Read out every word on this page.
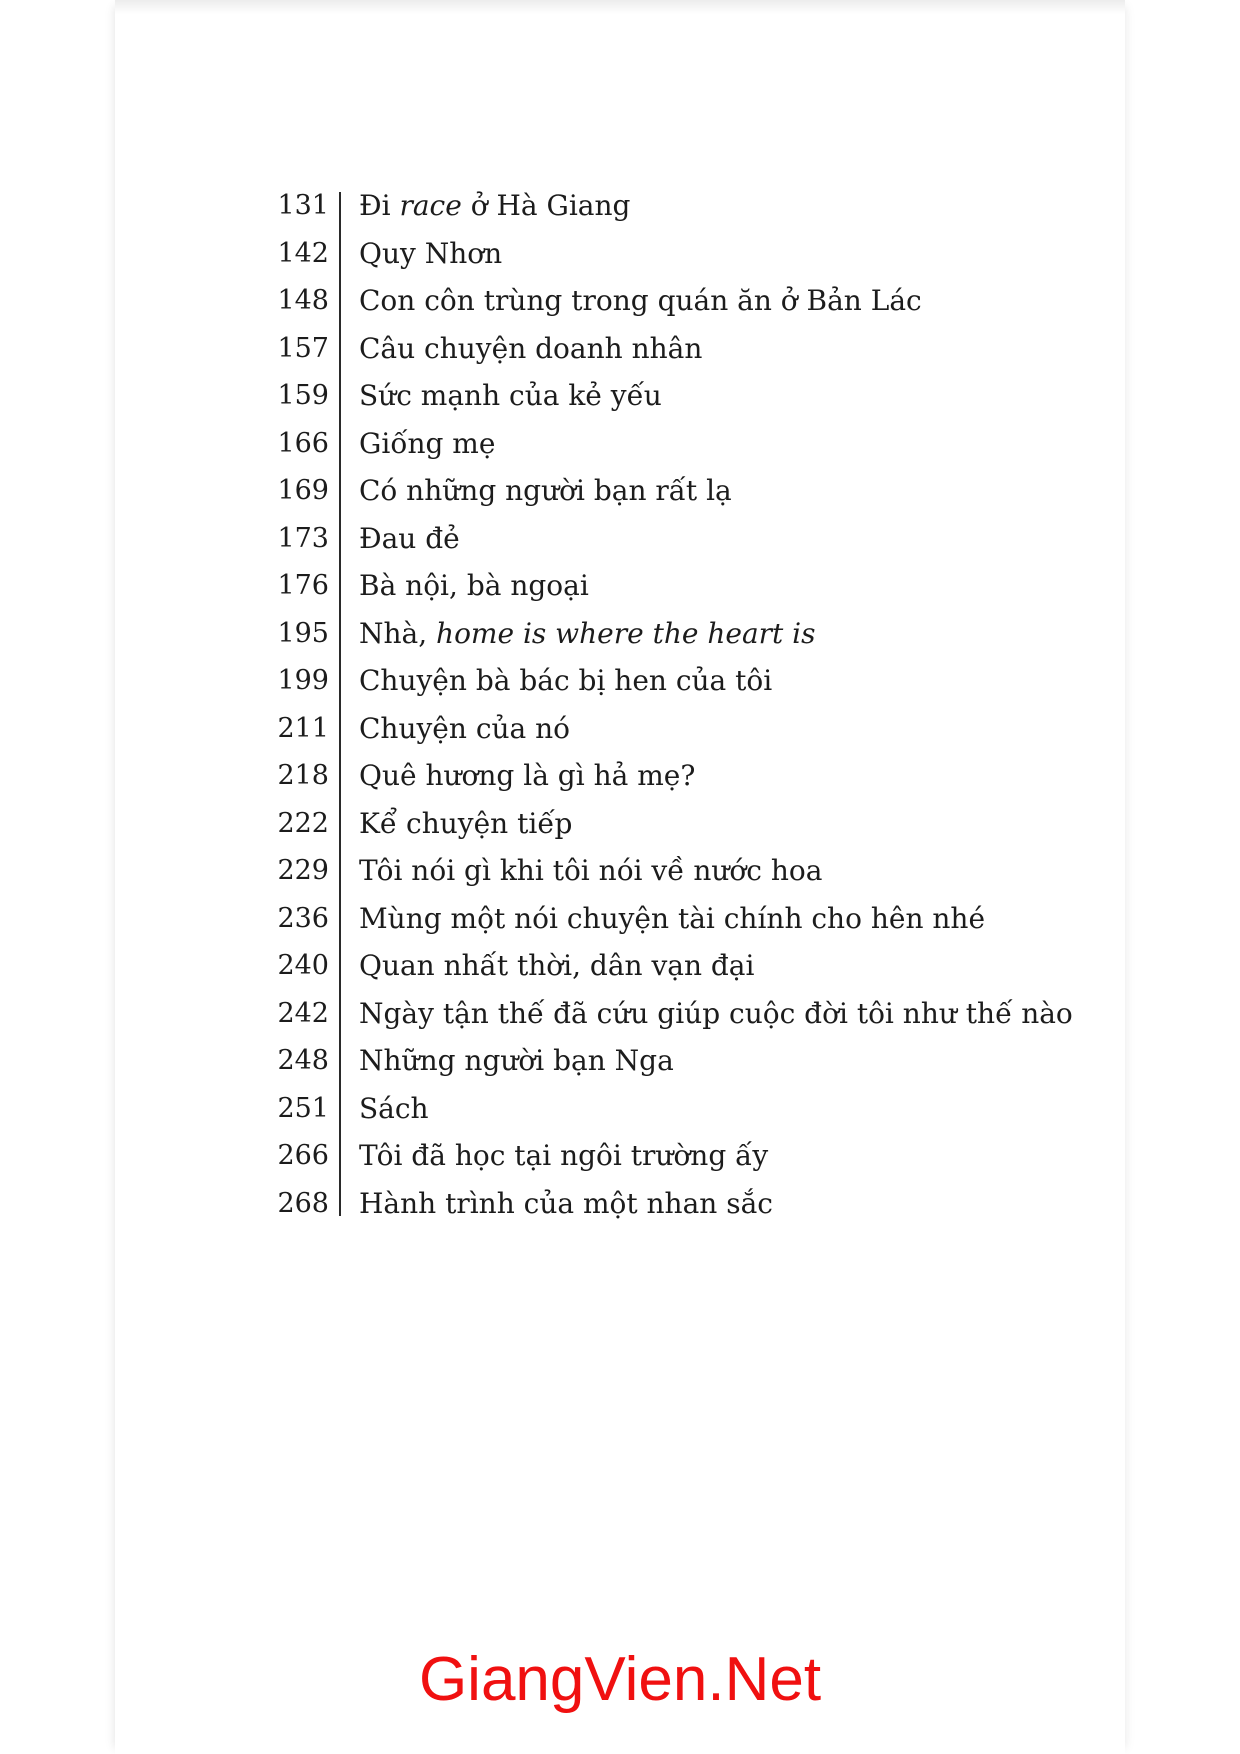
131 Đi race ở Hà Giang
142 Quy Nhơn
148 Con côn trùng trong quán ăn ở Bản Lác
157 Câu chuyện doanh nhân
159 Sức mạnh của kẻ yếu
166 Giống mẹ
169 Có những người bạn rất lạ
173 Đau đẻ
176 Bà nội, bà ngoại
195 Nhà, home is where the heart is
199 Chuyện bà bác bị hen của tôi
211 Chuyện của nó
218 Quê hương là gì hả mẹ?
222 Kể chuyện tiếp
229 Tôi nói gì khi tôi nói về nước hoa
236 Mùng một nói chuyện tài chính cho hên nhé
240 Quan nhất thời, dân vạn đại
242 Ngày tận thế đã cứu giúp cuộc đời tôi như thế nào
248 Những người bạn Nga
251 Sách
266 Tôi đã học tại ngôi trường ấy
268 Hành trình của một nhan sắc
GiangVien.Net
